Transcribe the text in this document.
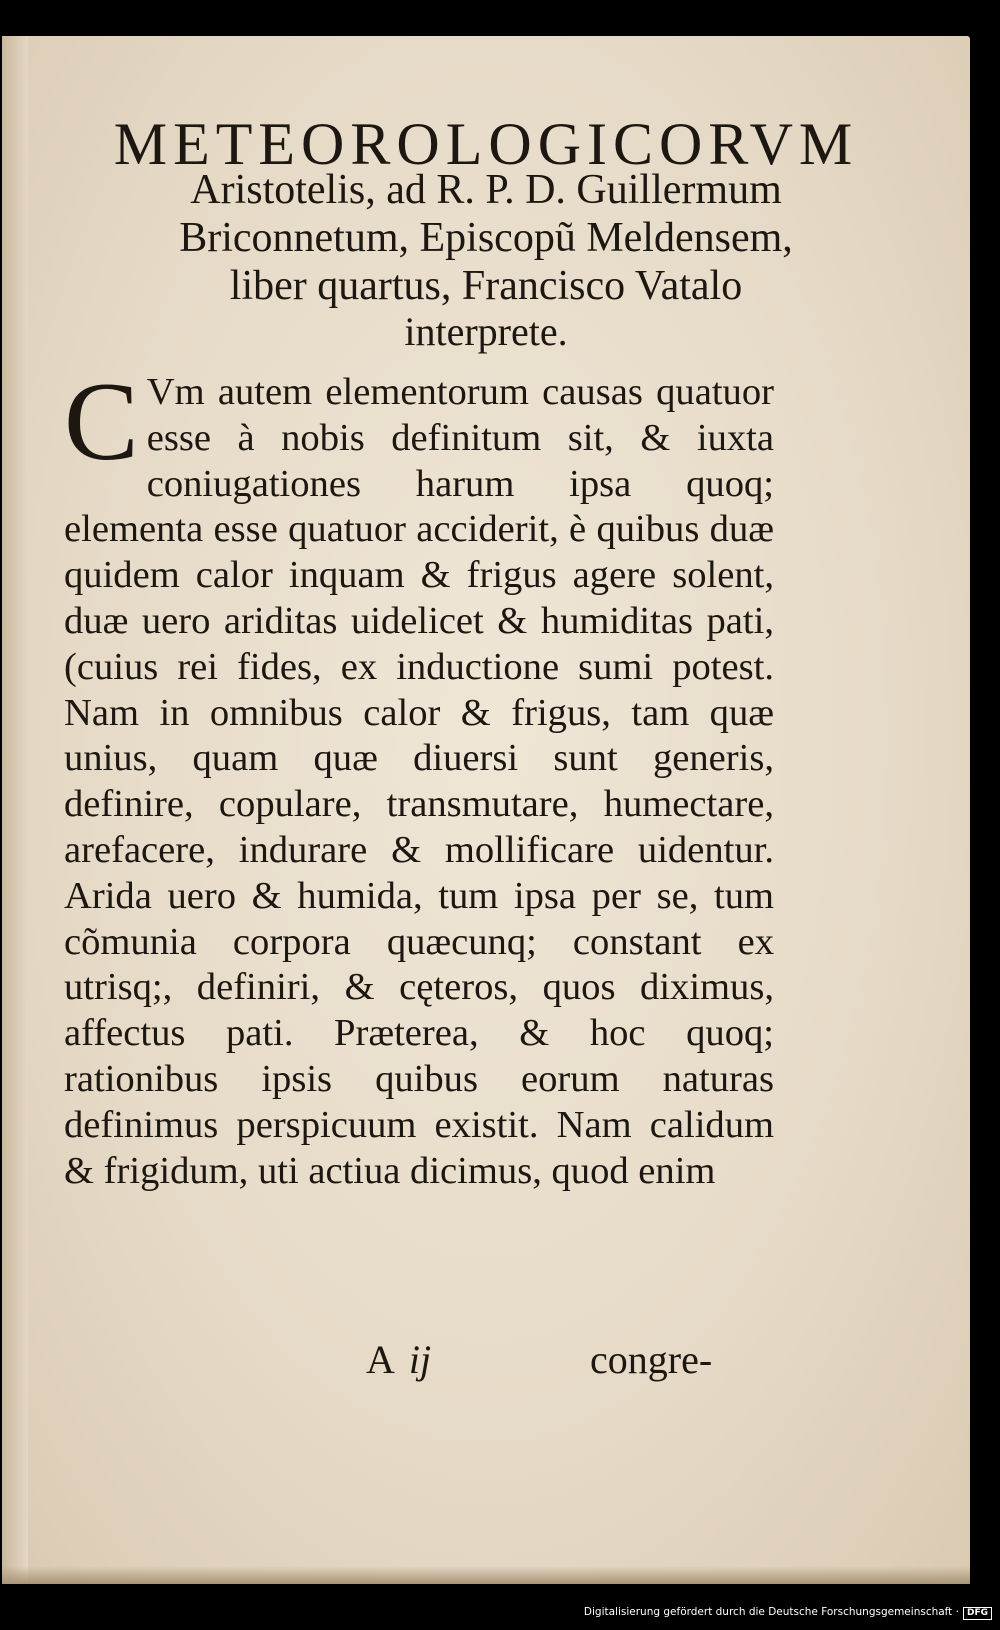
METEOROLOGICORVM
Aristotelis, ad R. P. D. Guillermum
Briconnetum, Episcopũ Meldensem,
liber quartus, Francisco Vatalo
interprete.
C Vm autem elementorum causas quatuor esse à nobis definitum sit, & iuxta coniugationes harum ipsa quoq; elementa esse quatuor acciderit, è quibus duæ quidem calor inquam & frigus agere solent, duæ uero ariditas uidelicet & humiditas pati, (cuius rei fides, ex inductione sumi potest. Nam in omnibus calor & frigus, tam quæ unius, quam quæ diuersi sunt generis, definire, copulare, transmutare, humectare, arefacere, indurare & mollificare uidentur. Arida uero & humida, tum ipsa per se, tum cõmunia corpora quæcunq; constant ex utrisq;, definiri, & cęteros, quos diximus, affectus pati. Præterea, & hoc quoq; rationibus ipsis quibus eorum naturas definimus perspicuum existit. Nam calidum & frigidum, uti actiua dicimus, quod enim
A ij	congre-
Digitalisierung gefördert durch die Deutsche Forschungsgemeinschaft · DFG
